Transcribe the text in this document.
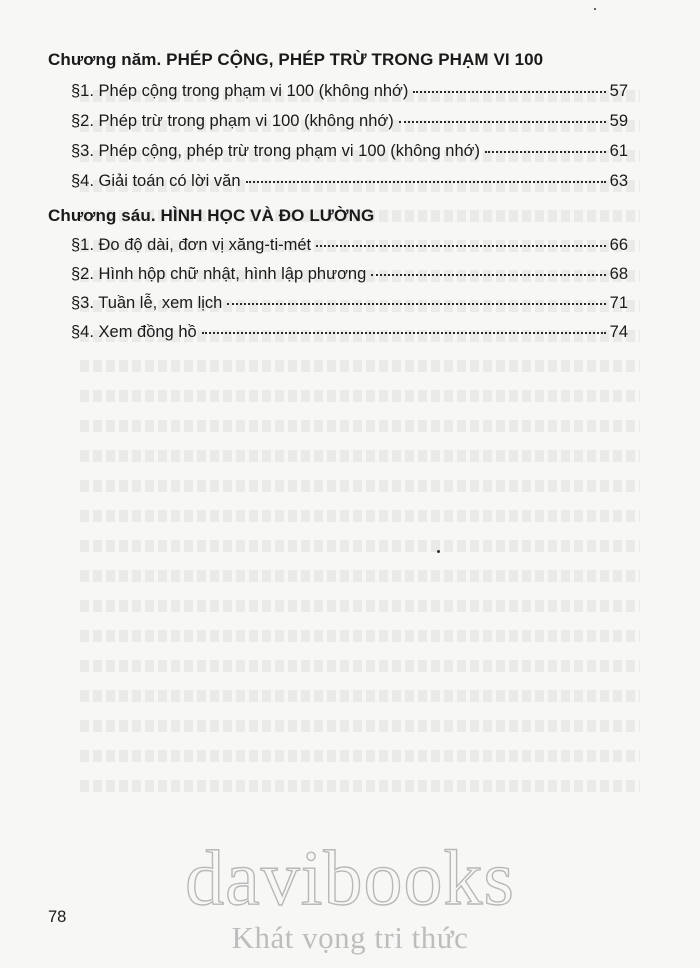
Chương năm. PHÉP CỘNG, PHÉP TRỪ TRONG PHẠM VI 100
§1. Phép cộng trong phạm vi 100 (không nhớ)	57
§2. Phép trừ trong phạm vi 100 (không nhớ)	59
§3. Phép cộng, phép trừ trong phạm vi 100 (không nhớ)	61
§4. Giải toán có lời văn	63
Chương sáu. HÌNH HỌC VÀ ĐO LƯỜNG
§1. Đo độ dài, đơn vị xăng-ti-mét	66
§2. Hình hộp chữ nhật, hình lập phương	68
§3. Tuần lễ, xem lịch	71
§4. Xem đồng hồ	74
78	davibooks
Khát vọng tri thức
